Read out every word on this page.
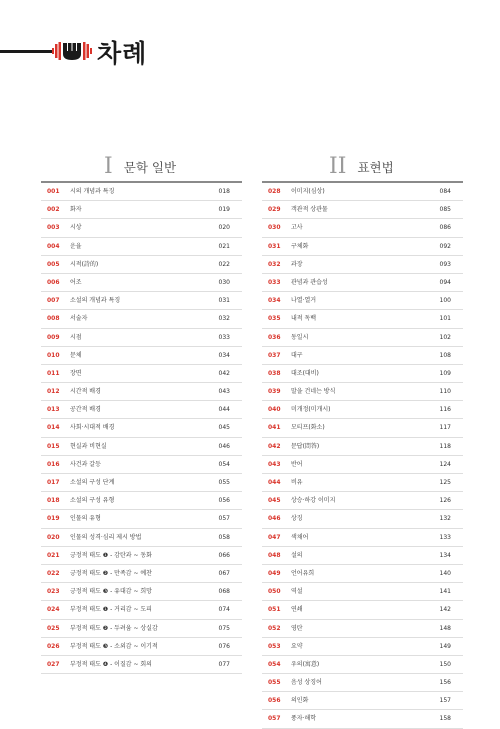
차례
I 문학 일반	II 표현법
001 시의 개념과 특징	018
002 화자	019
003 시상	020
004 운율	021
005 시적(詩的)	022
006 어조	030
007 소설의 개념과 특징	031
008 서술자	032
009 시점	033
010 문체	034
011 장면	042
012 시간적 배경	043
013 공간적 배경	044
014 사회·시대적 배경	045
015 현실과 비현실	046
016 사건과 갈등	054
017 소설의 구성 단계	055
018 소설의 구성 유형	056
019 인물의 유형	057
020 인물의 성격·심리 제시 방법	058
021 긍정적 태도 ❶ - 감탄과 ~ 동화	066
022 긍정적 태도 ❷ - 만족감 ~ 예찬	067
023 긍정적 태도 ❸ - 유대감 ~ 희망	068
024 부정적 태도 ❶ - 거리감 ~ 도피	074
025 부정적 태도 ❷ - 두려움 ~ 상실감	075
026 부정적 태도 ❸ - 소외감 ~ 이기적	076
027 부정적 태도 ❹ - 이질감 ~ 회의	077
028 이미지(심상)	084
029 객관적 상관물	085
030 고사	086
031 구체화	092
032 과장	093
033 관념과 관습성	094
034 나열·열거	100
035 내적 독백	101
036 동일시	102
037 대구	108
038 대조(대비)	109
039 말을 건네는 방식	110
040 미개정(미개시)	116
041 모티프(화소)	117
042 문답(問答)	118
043 반어	124
044 비유	125
045 상승·하강 이미지	126
046 상징	132
047 색채어	133
048 설의	134
049 언어유희	140
050 역설	141
051 연쇄	142
052 영탄	148
053 요약	149
054 우의(寓意)	150
055 음성 상징어	156
056 의인화	157
057 풍자·해학	158
